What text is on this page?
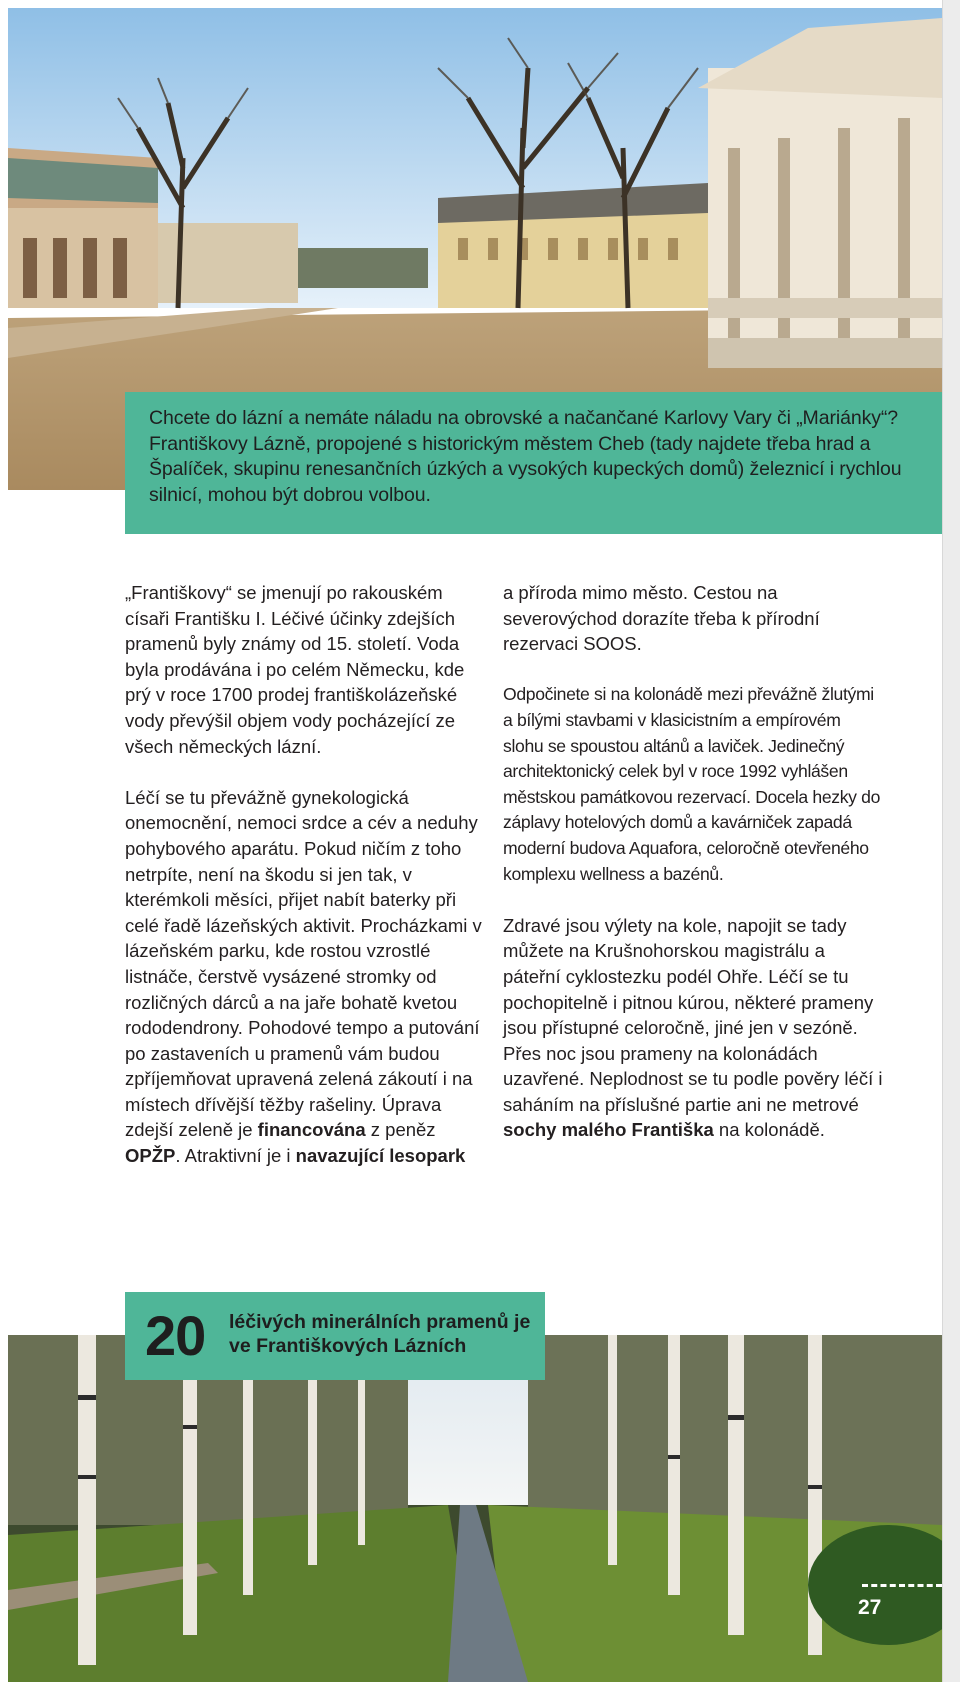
Chcete do lázní a nemáte náladu na obrovské a načančané Karlovy Vary či „Mariánky“? Františkovy Lázně, propojené s historickým městem Cheb (tady najdete třeba hrad a Špalíček, skupinu renesančních úzkých a vysokých kupeckých domů) železnicí i rychlou silnicí, mohou být dobrou volbou.

„Františkovy“ se jmenují po rakouském císaři Františku I. Léčivé účinky zdejších pramenů byly známy od 15. století. Voda byla prodávána i po celém Německu, kde prý v roce 1700 prodej františkolázeňské vody převýšil objem vody pocházející ze všech německých lázní.

Léčí se tu převážně gynekologická onemocnění, nemoci srdce a cév a neduhy pohybového aparátu. Pokud ničím z toho netrpíte, není na škodu si jen tak, v kterémkoli měsíci, přijet nabít baterky při celé řadě lázeňských aktivit. Procházkami v lázeňském parku, kde rostou vzrostlé listnáče, čerstvě vysázené stromky od rozličných dárců a na jaře bohatě kvetou rododendrony. Pohodové tempo a putování po zastaveních u pramenů vám budou zpříjemňovat upravená zelená zákoutí i na místech dřívější těžby rašeliny. Úprava zdejší zeleně je financována z peněz OPŽP. Atraktivní je i navazující lesopark

a příroda mimo město. Cestou na severovýchod dorazíte třeba k přírodní rezervaci SOOS.

Odpočinete si na kolonádě mezi převážně žlutými a bílými stavbami v klasicistním a empírovém slohu se spoustou altánů a laviček. Jedinečný architektonický celek byl v roce 1992 vyhlášen městskou památkovou rezervací. Docela hezky do záplavy hotelových domů a kavárniček zapadá moderní budova Aquafora, celoročně otevřeného komplexu wellness a bazénů.

Zdravé jsou výlety na kole, napojit se tady můžete na Krušnohorskou magistrálu a páteřní cyklostezku podél Ohře. Léčí se tu pochopitelně i pitnou kúrou, některé prameny jsou přístupné celoročně, jiné jen v sezóně. Přes noc jsou prameny na kolonádách uzavřené. Neplodnost se tu podle pověry léčí i saháním na příslušné partie ani ne metrové sochy malého Františka na kolonádě.

20 léčivých minerálních pramenů je ve Františkových Lázních
27
